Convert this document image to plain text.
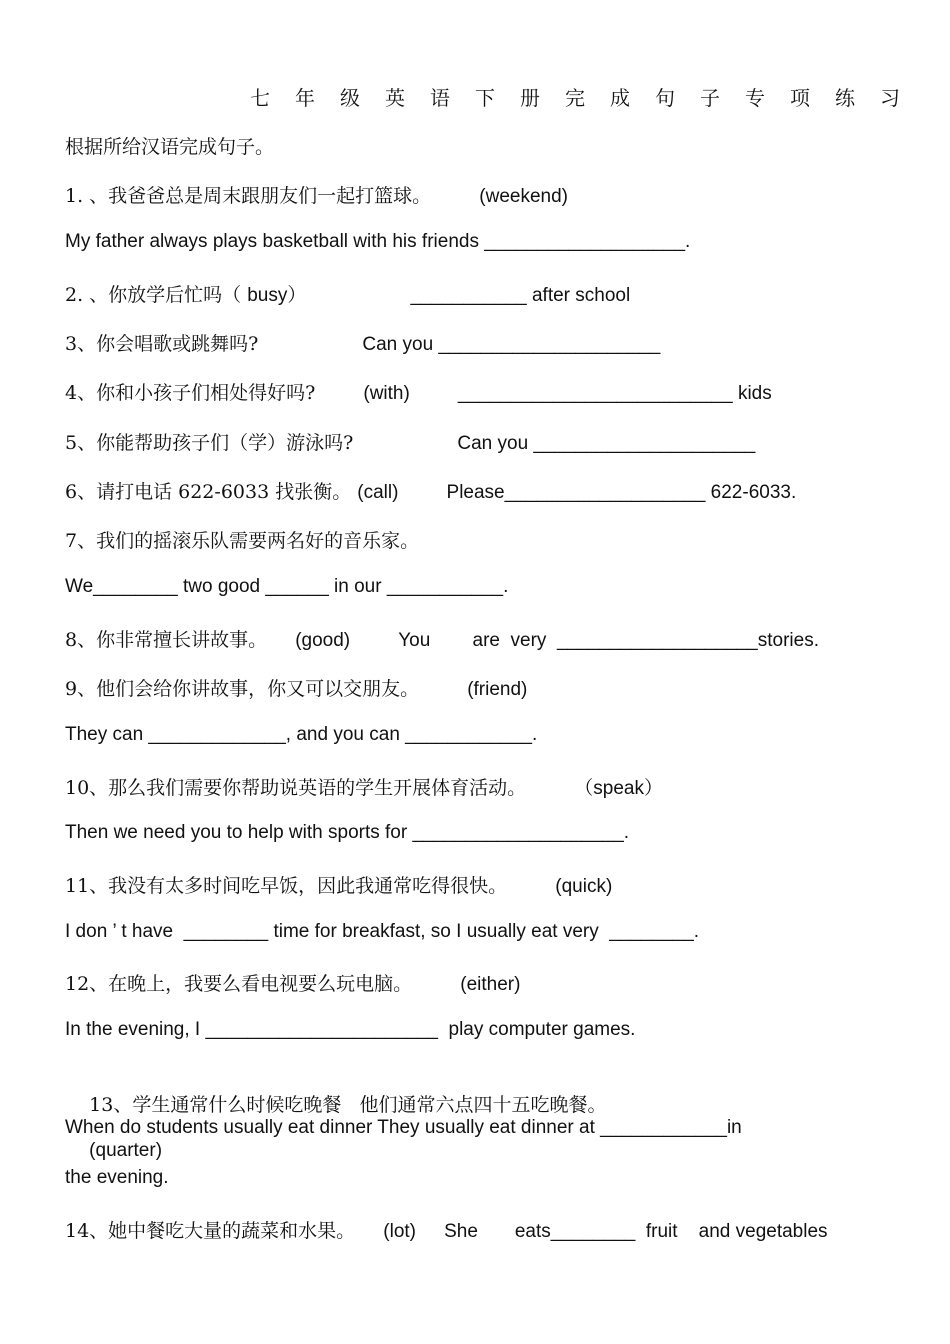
七年级英语下册完成句子专项练习
根据所给汉语完成句子。
1. 、我爸爸总是周末跟朋友们一起打篮球。	(weekend)
My father always plays basketball with his friends ___________________.
2. 、你放学后忙吗（ busy）	___________ after school
3、你会唱歌或跳舞吗?	Can you _____________________
4、你和小孩子们相处得好吗?	(with)	__________________________ kids
5、你能帮助孩子们（学）游泳吗?	Can you _____________________
6、请打电话 622-6033 找张衡。 (call)	Please___________________ 622-6033.
7、我们的摇滚乐队需要两名好的音乐家。
We________ two good ______ in our ___________.
8、你非常擅长讲故事。 (good)	You        are  very  ___________________stories.
9、他们会给你讲故事，你又可以交朋友。	(friend)
They can _____________, and you can ____________.
10、那么我们需要你帮助说英语的学生开展体育活动。	（speak）
Then we need you to help with sports for ____________________.
11、我没有太多时间吃早饭，因此我通常吃得很快。	(quick)
I don ’ t have  ________ time for breakfast, so I usually eat very  ________.
12、在晚上，我要么看电视要么玩电脑。	(either)
In the evening, I ______________________  play computer games.

13、学生通常什么时候吃晚餐   他们通常六点四十五吃晚餐。

(quarter)

When do students usually eat dinner They usually eat dinner at ____________in
the evening.
14、她中餐吃大量的蔬菜和水果。 (lot) She       eats________  fruit    and vegetables
